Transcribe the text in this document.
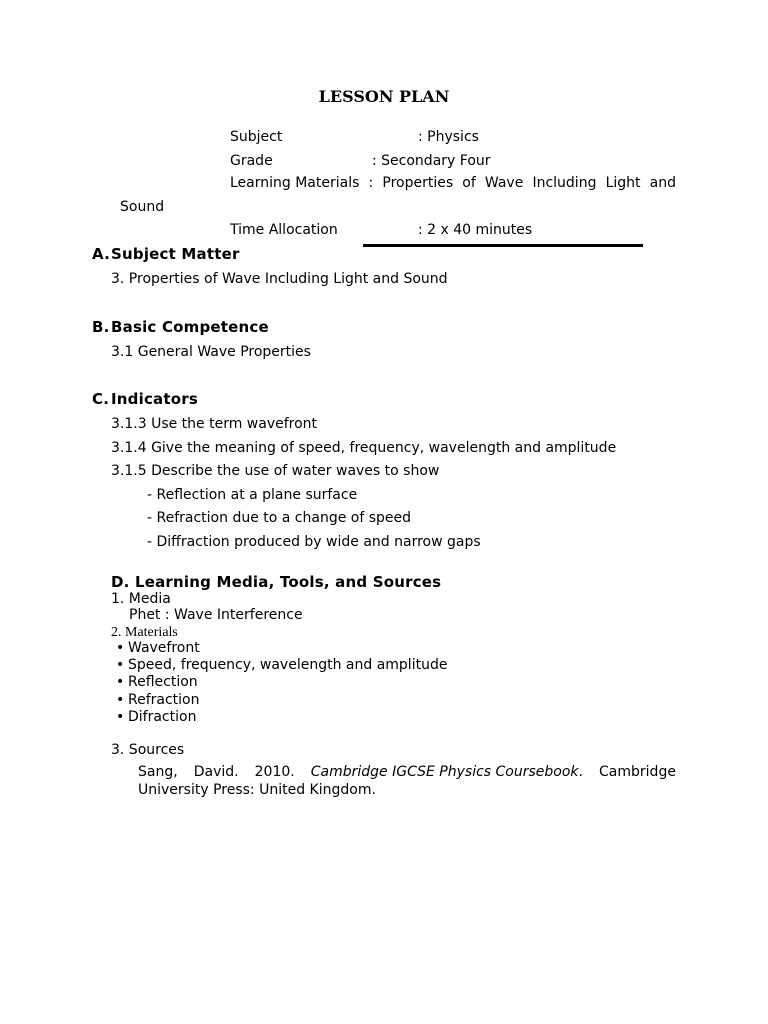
LESSON PLAN
Subject	: Physics
Grade	: Secondary Four
Learning Materials : Properties of Wave Including Light and
Sound
Time Allocation	: 2 x 40 minutes
A. Subject Matter
3. Properties of Wave Including Light and Sound
B. Basic Competence
3.1 General Wave Properties
C. Indicators
3.1.3 Use the term wavefront
3.1.4 Give the meaning of speed, frequency, wavelength and amplitude
3.1.5 Describe the use of water waves to show
- Reflection at a plane surface
- Refraction due to a change of speed
- Diffraction produced by wide and narrow gaps
D. Learning Media, Tools, and Sources
1. Media
Phet : Wave Interference
2. Materials
• Wavefront
• Speed, frequency, wavelength and amplitude
• Reflection
• Refraction
• Difraction
3. Sources
Sang, David. 2010. Cambridge IGCSE Physics Coursebook. Cambridge
University Press: United Kingdom.
